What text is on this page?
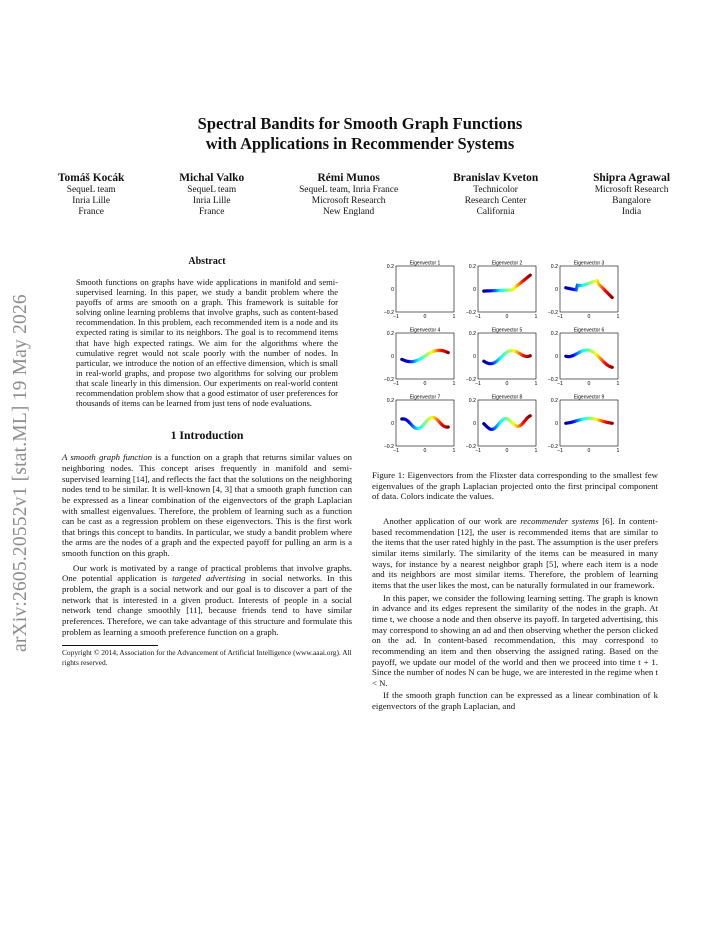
arXiv:2605.20552v1 [stat.ML] 19 May 2026
Spectral Bandits for Smooth Graph Functions
with Applications in Recommender Systems
Tomáš Kocák
SequeL team
Inria Lille
France
Michal Valko
SequeL team
Inria Lille
France
Rémi Munos
SequeL team, Inria France
Microsoft Research
New England
Branislav Kveton
Technicolor
Research Center
California
Shipra Agrawal
Microsoft Research
Bangalore
India
Abstract
Smooth functions on graphs have wide applications in manifold and semi-supervised learning. In this paper, we study a bandit problem where the payoffs of arms are smooth on a graph. This framework is suitable for solving online learning problems that involve graphs, such as content-based recommendation. In this problem, each recommended item is a node and its expected rating is similar to its neighbors. The goal is to recommend items that have high expected ratings. We aim for the algorithms where the cumulative regret would not scale poorly with the number of nodes. In particular, we introduce the notion of an effective dimension, which is small in real-world graphs, and propose two algorithms for solving our problem that scale linearly in this dimension. Our experiments on real-world content recommendation problem show that a good estimator of user preferences for thousands of items can be learned from just tens of node evaluations.
1 Introduction

A smooth graph function is a function on a graph that returns similar values on neighboring nodes. This concept arises frequently in manifold and semi-supervised learning [14], and reflects the fact that the solutions on the neighboring nodes tend to be similar. It is well-known [4, 3] that a smooth graph function can be expressed as a linear combination of the eigenvectors of the graph Laplacian with smallest eigenvalues. Therefore, the problem of learning such as a function can be cast as a regression problem on these eigenvectors. This is the first work that brings this concept to bandits. In particular, we study a bandit problem where the arms are the nodes of a graph and the expected payoff for pulling an arm is a smooth function on this graph.

Our work is motivated by a range of practical problems that involve graphs. One potential application is targeted advertising in social networks. In this problem, the graph is a social network and our goal is to discover a part of the network that is interested in a given product. Interests of people in a social network tend change smoothly [11], because friends tend to have similar preferences. Therefore, we can take advantage of this structure and formulate this problem as learning a smooth preference function on a graph.

Copyright © 2014, Association for the Advancement of Artificial Intelligence (www.aaai.org). All rights reserved.
Eigenvector 1
0.2
0
−0.2
−1	0	1
Eigenvector 2
0.2
0
−0.2
−1	0	1
Eigenvector 3
0.2
0
−0.2
−1	0	1
Eigenvector 4
0.2
0
−0.2
−1	0	1
Eigenvector 5
0.2
0
−0.2
−1	0	1
Eigenvector 6
0.2
0
−0.2
−1	0	1
Eigenvector 7
0.2
0
−0.2
−1	0	1
Eigenvector 8
0.2
0
−0.2
−1	0	1
Eigenvector 9
0.2
0
−0.2
−1	0	1
Figure 1: Eigenvectors from the Flixster data corresponding to the smallest few eigenvalues of the graph Laplacian projected onto the first principal component of data. Colors indicate the values.

Another application of our work are recommender systems [6]. In content-based recommendation [12], the user is recommended items that are similar to the items that the user rated highly in the past. The assumption is the user prefers similar items similarly. The similarity of the items can be measured in many ways, for instance by a nearest neighbor graph [5], where each item is a node and its neighbors are most similar items. Therefore, the problem of learning items that the user likes the most, can be naturally formulated in our framework.

In this paper, we consider the following learning setting. The graph is known in advance and its edges represent the similarity of the nodes in the graph. At time t, we choose a node and then observe its payoff. In targeted advertising, this may correspond to showing an ad and then observing whether the person clicked on the ad. In content-based recommendation, this may correspond to recommending an item and then observing the assigned rating. Based on the payoff, we update our model of the world and then we proceed into time t + 1. Since the number of nodes N can be huge, we are interested in the regime when t < N.

If the smooth graph function can be expressed as a linear combination of k eigenvectors of the graph Laplacian, and
